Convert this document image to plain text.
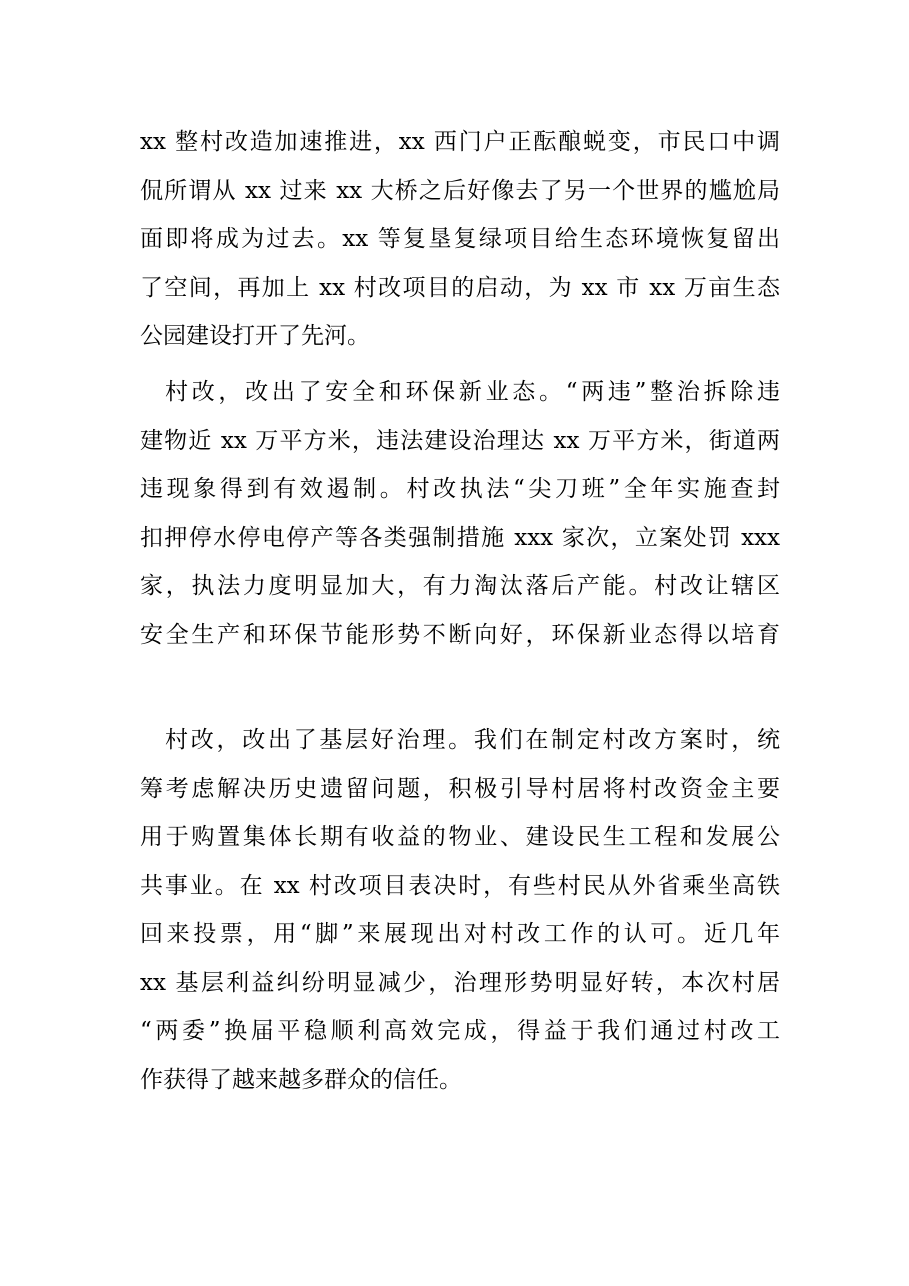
xx 整村改造加速推进，xx 西门户正酝酿蜕变，市民口中调
侃所谓从 xx 过来 xx 大桥之后好像去了另一个世界的尴尬局
面即将成为过去。xx 等复垦复绿项目给生态环境恢复留出
了空间，再加上 xx 村改项目的启动，为 xx 市 xx 万亩生态
公园建设打开了先河。
村改，改出了安全和环保新业态。“两违”整治拆除违
建物近 xx 万平方米，违法建设治理达 xx 万平方米，街道两
违现象得到有效遏制。村改执法“尖刀班”全年实施查封
扣押停水停电停产等各类强制措施 xxx 家次，立案处罚 xxx
家，执法力度明显加大，有力淘汰落后产能。村改让辖区
安全生产和环保节能形势不断向好，环保新业态得以培育
村改，改出了基层好治理。我们在制定村改方案时，统
筹考虑解决历史遗留问题，积极引导村居将村改资金主要
用于购置集体长期有收益的物业、建设民生工程和发展公
共事业。在 xx 村改项目表决时，有些村民从外省乘坐高铁
回来投票，用“脚”来展现出对村改工作的认可。近几年
xx 基层利益纠纷明显减少，治理形势明显好转，本次村居
“两委”换届平稳顺利高效完成，得益于我们通过村改工
作获得了越来越多群众的信任。
